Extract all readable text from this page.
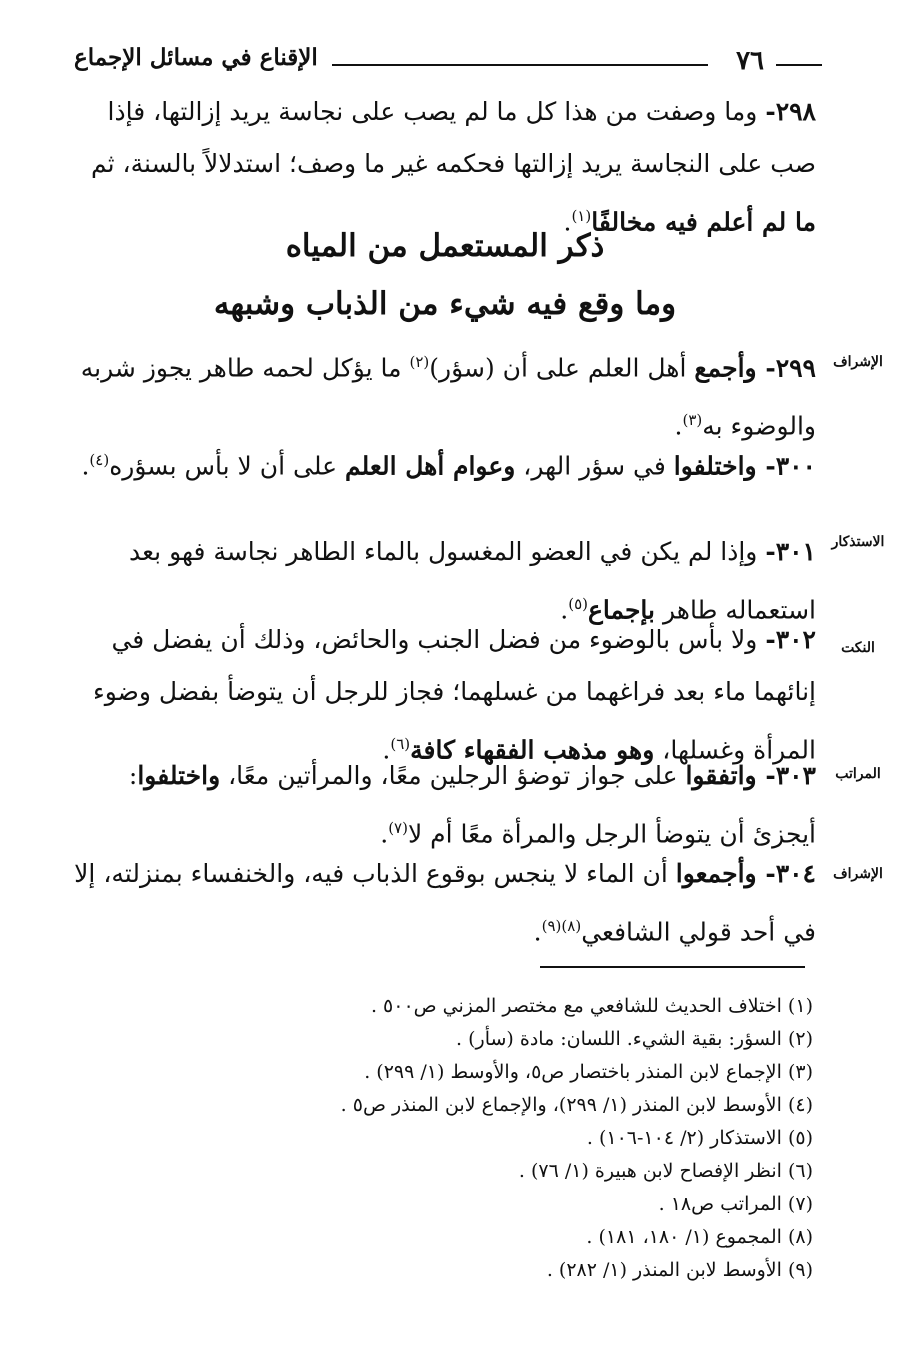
٧٦
الإقناع في مسائل الإجماع
٢٩٨- وما وصفت من هذا كل ما لم يصب على نجاسة يريد إزالتها، فإذا صب على النجاسة يريد إزالتها فحكمه غير ما وصف؛ استدلالاً بالسنة، ثم ما لم أعلم فيه مخالفًا$^{(١)}$.
ذكر المستعمل من المياه
وما وقع فيه شيء من الذباب وشبهه
٢٩٩- وأجمع أهل العلم على أن (سؤر)$^{(٢)}$ ما يؤكل لحمه طاهر يجوز شربه والوضوء به$^{(٣)}$.
٣٠٠- واختلفوا في سؤر الهر، وعوام أهل العلم على أن لا بأس بسؤره$^{(٤)}$.
٣٠١- وإذا لم يكن في العضو المغسول بالماء الطاهر نجاسة فهو بعد استعماله طاهر بإجماع$^{(٥)}$.
٣٠٢- ولا بأس بالوضوء من فضل الجنب والحائض، وذلك أن يفضل في إنائهما ماء بعد فراغهما من غسلهما؛ فجاز للرجل أن يتوضأ بفضل وضوء المرأة وغسلها، وهو مذهب الفقهاء كافة$^{(٦)}$.
٣٠٣- واتفقوا على جواز توضؤ الرجلين معًا، والمرأتين معًا، واختلفوا: أيجزئ أن يتوضأ الرجل والمرأة معًا أم لا$^{(٧)}$.
٣٠٤- وأجمعوا أن الماء لا ينجس بوقوع الذباب فيه، والخنفساء بمنزلته، إلا في أحد قولي الشافعي$^{(٨)(٩)}$.
الإشراف
الاستذكار
النكت
المراتب
الإشراف
(١) اختلاف الحديث للشافعي مع مختصر المزني ص٥٠٠ .
(٢) السؤر: بقية الشيء. اللسان: مادة (سأر) .
(٣) الإجماع لابن المنذر باختصار ص٥، والأوسط (١/ ٢٩٩) .
(٤) الأوسط لابن المنذر (١/ ٢٩٩)، والإجماع لابن المنذر ص٥ .
(٥) الاستذكار (٢/ ١٠٤-١٠٦) .
(٦) انظر الإفصاح لابن هبيرة (١/ ٧٦) .
(٧) المراتب ص١٨ .
(٨) المجموع (١/ ١٨٠، ١٨١) .
(٩) الأوسط لابن المنذر (١/ ٢٨٢) .
